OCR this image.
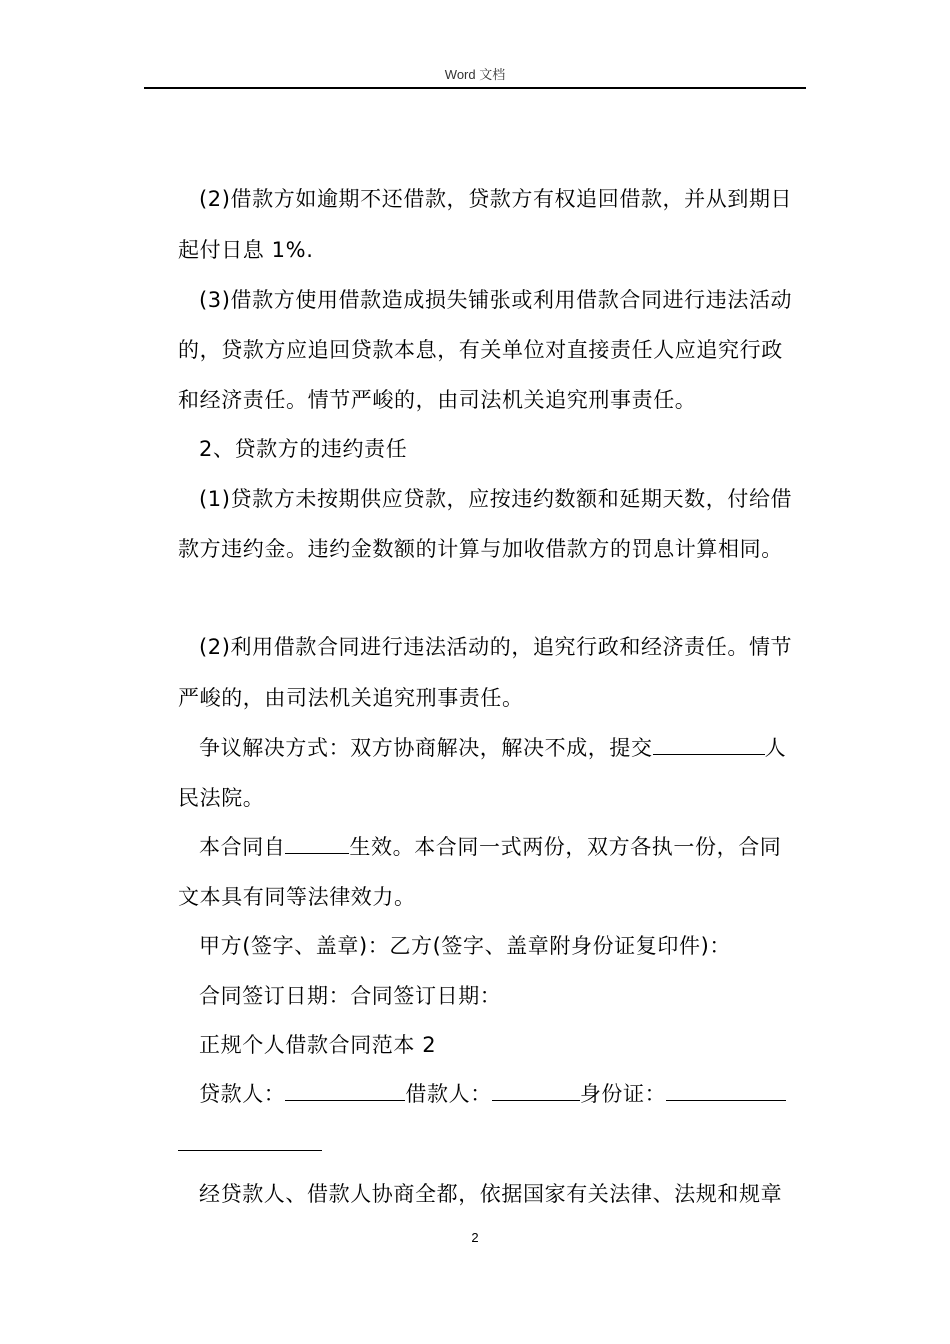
Word 文档
(2)借款方如逾期不还借款，贷款方有权追回借款，并从到期日
起付日息 1%.
(3)借款方使用借款造成损失铺张或利用借款合同进行违法活动
的，贷款方应追回贷款本息，有关单位对直接责任人应追究行政
和经济责任。情节严峻的，由司法机关追究刑事责任。
2、贷款方的违约责任
(1)贷款方未按期供应贷款，应按违约数额和延期天数，付给借
款方违约金。违约金数额的计算与加收借款方的罚息计算相同。
(2)利用借款合同进行违法活动的，追究行政和经济责任。情节
严峻的，由司法机关追究刑事责任。
争议解决方式：双方协商解决，解决不成，提交	人
民法院。
本合同自	生效。本合同一式两份，双方各执一份，合同
文本具有同等法律效力。
甲方(签字、盖章)：乙方(签字、盖章附身份证复印件)：
合同签订日期：合同签订日期：
正规个人借款合同范本 2
贷款人：	借款人：	身份证：
经贷款人、借款人协商全都，依据国家有关法律、法规和规章
2
